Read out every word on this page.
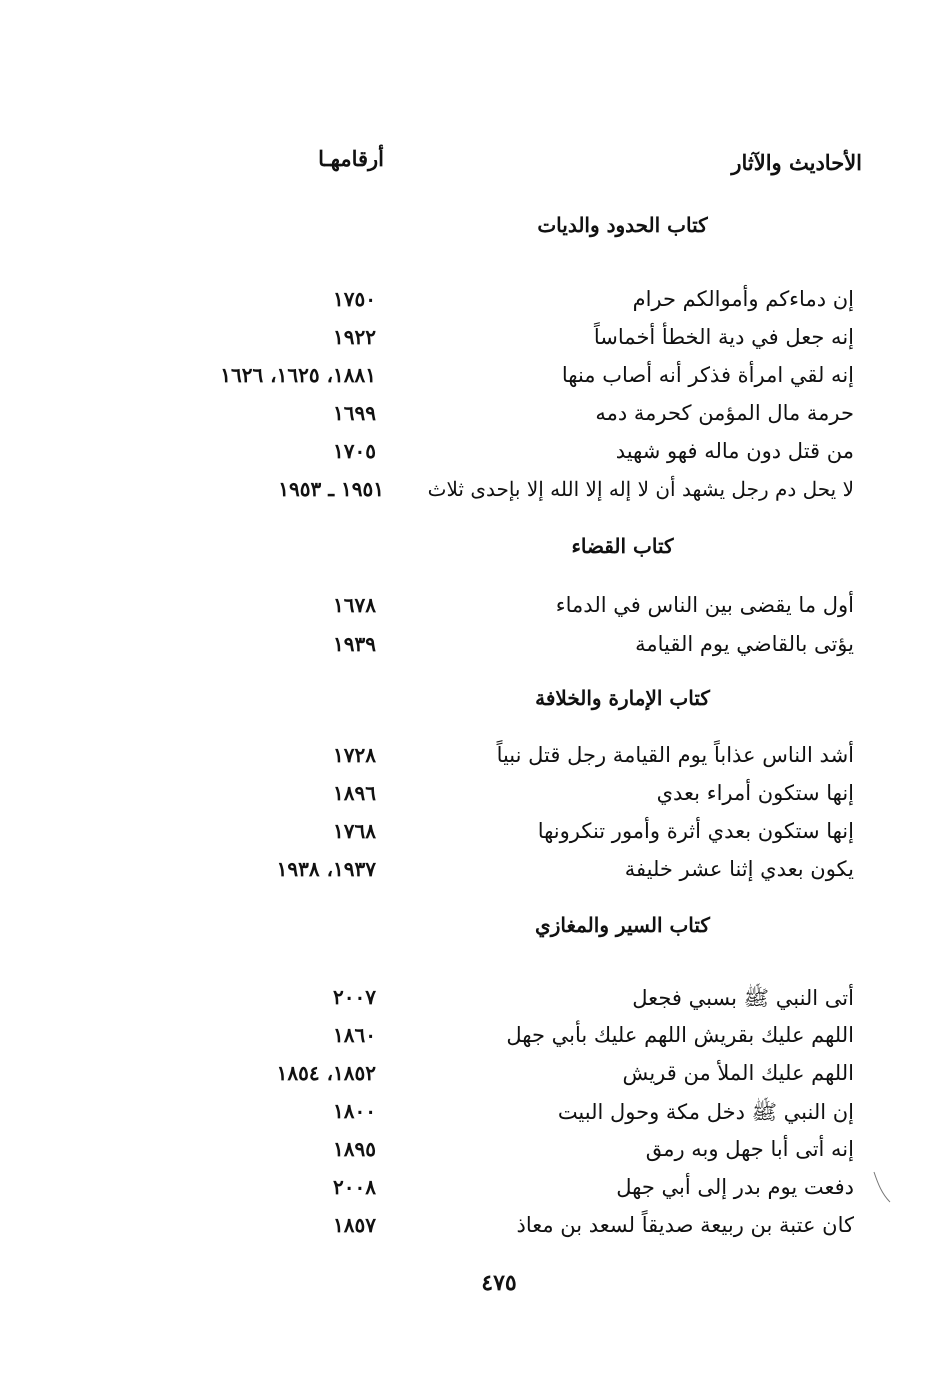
الأحاديث والآثار
أرقامهـا
كتاب الحدود والديات
إن دماءكم وأموالكم حرام
١٧٥٠
إنه جعل في دية الخطأ أخماساً
١٩٢٢
إنه لقي امرأة فذكر أنه أصاب منها
١٨٨١، ١٦٢٥، ١٦٢٦
حرمة مال المؤمن كحرمة دمه
١٦٩٩
من قتل دون ماله فهو شهيد
١٧٠٥
لا يحل دم رجل يشهد أن لا إله إلا الله إلا بإحدى ثلاث
١٩٥١ ـ ١٩٥٣
كتاب القضاء
أول ما يقضى بين الناس في الدماء
١٦٧٨
يؤتى بالقاضي يوم القيامة
١٩٣٩
كتاب الإمارة والخلافة
أشد الناس عذاباً يوم القيامة رجل قتل نبياً
١٧٢٨
إنها ستكون أمراء بعدي
١٨٩٦
إنها ستكون بعدي أثرة وأمور تنكرونها
١٧٦٨
يكون بعدي إثنا عشر خليفة
١٩٣٧، ١٩٣٨
كتاب السير والمغازي
أتى النبي ﷺ بسبي فجعل
٢٠٠٧
اللهم عليك بقريش اللهم عليك بأبي جهل
١٨٦٠
اللهم عليك الملأ من قريش
١٨٥٢، ١٨٥٤
إن النبي ﷺ دخل مكة وحول البيت
١٨٠٠
إنه أتى أبا جهل وبه رمق
١٨٩٥
دفعت يوم بدر إلى أبي جهل
٢٠٠٨
كان عتبة بن ربيعة صديقاً لسعد بن معاذ
١٨٥٧
٤٧٥
